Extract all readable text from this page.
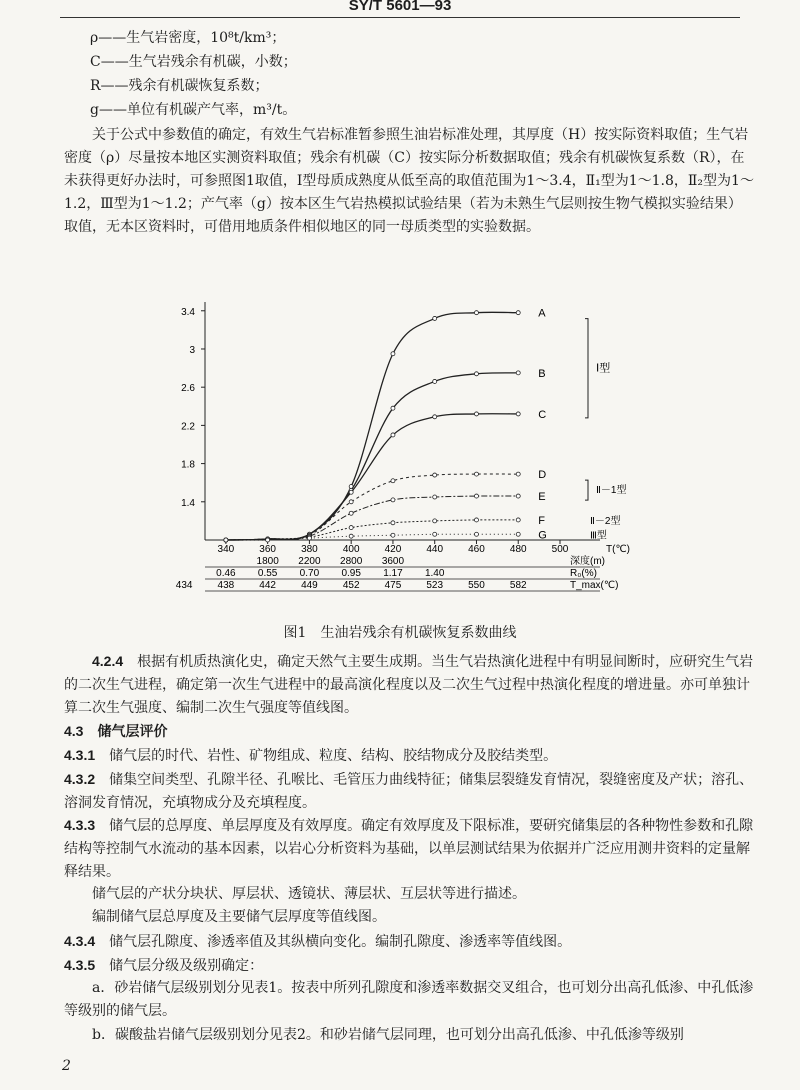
SY/T 5601—93
ρ——生气岩密度，10⁸t/km³；
C——生气岩残余有机碳，小数；
R——残余有机碳恢复系数；
g——单位有机碳产气率，m³/t。
关于公式中参数值的确定，有效生气岩标准暂参照生油岩标准处理，其厚度（H）按实际资料取值；生气岩密度（ρ）尽量按本地区实测资料取值；残余有机碳（C）按实际分析数据取值；残余有机碳恢复系数（R），在未获得更好办法时，可参照图1取值，Ⅰ型母质成熟度从低至高的取值范围为1～3.4，Ⅱ₁型为1～1.8，Ⅱ₂型为1～1.2，Ⅲ型为1～1.2；产气率（g）按本区生气岩热模拟试验结果（若为未熟生气层则按生物气模拟实验结果）取值，无本区资料时，可借用地质条件相似地区的同一母质类型的实验数据。
3.4
3
2.6
2.2
1.8
1.4
340	360	380	400	420	440	460	480	500	T(℃)
A
B
C
D
E
F
G
Ⅰ型
Ⅱ－1型
Ⅱ－2型
Ⅲ型
1800 2200 2800 3600	深度(m)
0.46 0.55 0.70 0.95 1.17 1.40	R₀(%)
434	438	442	449	452	475	523	550	582	T_max(℃)
图1　生油岩残余有机碳恢复系数曲线
4.2.4　 根据有机质热演化史，确定天然气主要生成期。当生气岩热演化进程中有明显间断时，应研究生气岩的二次生气进程，确定第一次生气进程中的最高演化程度以及二次生气过程中热演化程度的增进量。亦可单独计算二次生气强度、编制二次生气强度等值线图。
4.3　 储气层评价
4.3.1　 储气层的时代、岩性、矿物组成、粒度、结构、胶结物成分及胶结类型。
4.3.2　 储集空间类型、孔隙半径、孔喉比、毛管压力曲线特征；储集层裂缝发育情况，裂缝密度及产状；溶孔、溶洞发育情况，充填物成分及充填程度。
4.3.3　 储气层的总厚度、单层厚度及有效厚度。确定有效厚度及下限标准，要研究储集层的各种物性参数和孔隙结构等控制气水流动的基本因素，以岩心分析资料为基础，以单层测试结果为依据并广泛应用测井资料的定量解释结果。
储气层的产状分块状、厚层状、透镜状、薄层状、互层状等进行描述。
编制储气层总厚度及主要储气层厚度等值线图。
4.3.4　 储气层孔隙度、渗透率值及其纵横向变化。编制孔隙度、渗透率等值线图。
4.3.5　 储气层分级及级别确定：
a．砂岩储气层级别划分见表1。按表中所列孔隙度和渗透率数据交叉组合，也可划分出高孔低渗、中孔低渗等级别的储气层。
b．碳酸盐岩储气层级别划分见表2。和砂岩储气层同理，也可划分出高孔低渗、中孔低渗等级别
2
